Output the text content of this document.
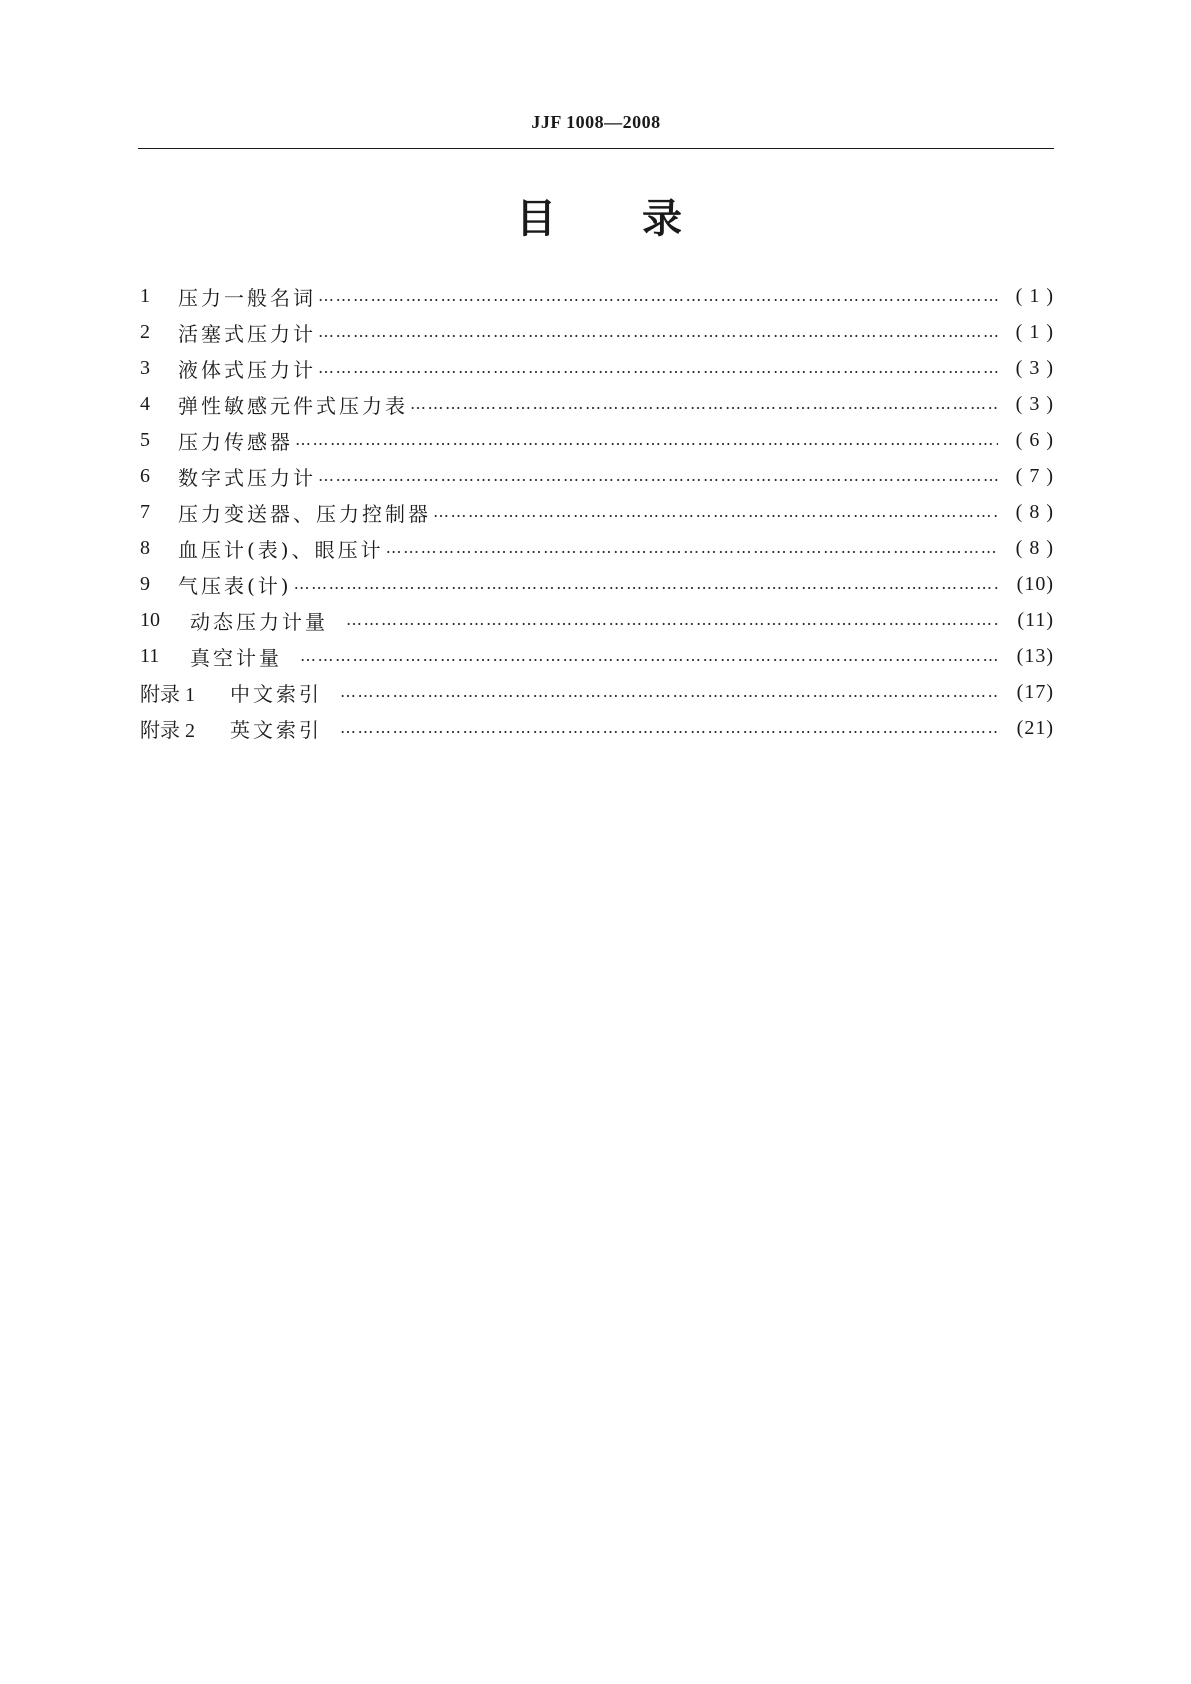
JJF 1008—2008
目 录
1	压力一般名词 …………………………………………………………………………………………………………………………………………………………………………………………………………………………………………	( 1 )
2	活塞式压力计 …………………………………………………………………………………………………………………………………………………………………………………………………………………………………………	( 1 )
3	液体式压力计 …………………………………………………………………………………………………………………………………………………………………………………………………………………………………………	( 3 )
4	弹性敏感元件式压力表 …………………………………………………………………………………………………………………………………………………………………………………………………………………………………………	( 3 )
5	压力传感器 …………………………………………………………………………………………………………………………………………………………………………………………………………………………………………	( 6 )
6	数字式压力计 …………………………………………………………………………………………………………………………………………………………………………………………………………………………………………	( 7 )
7	压力变送器、压力控制器 …………………………………………………………………………………………………………………………………………………………………………………………………………………………………………	( 8 )
8	血压计(表)、眼压计 …………………………………………………………………………………………………………………………………………………………………………………………………………………………………………	( 8 )
9	气压表(计) …………………………………………………………………………………………………………………………………………………………………………………………………………………………………………	(10)
10	动态压力计量 …………………………………………………………………………………………………………………………………………………………………………………………………………………………………………	(11)
11	真空计量 …………………………………………………………………………………………………………………………………………………………………………………………………………………………………………	(13)
附录 1	中文索引 …………………………………………………………………………………………………………………………………………………………………………………………………………………………………………	(17)
附录 2	英文索引 …………………………………………………………………………………………………………………………………………………………………………………………………………………………………………	(21)
